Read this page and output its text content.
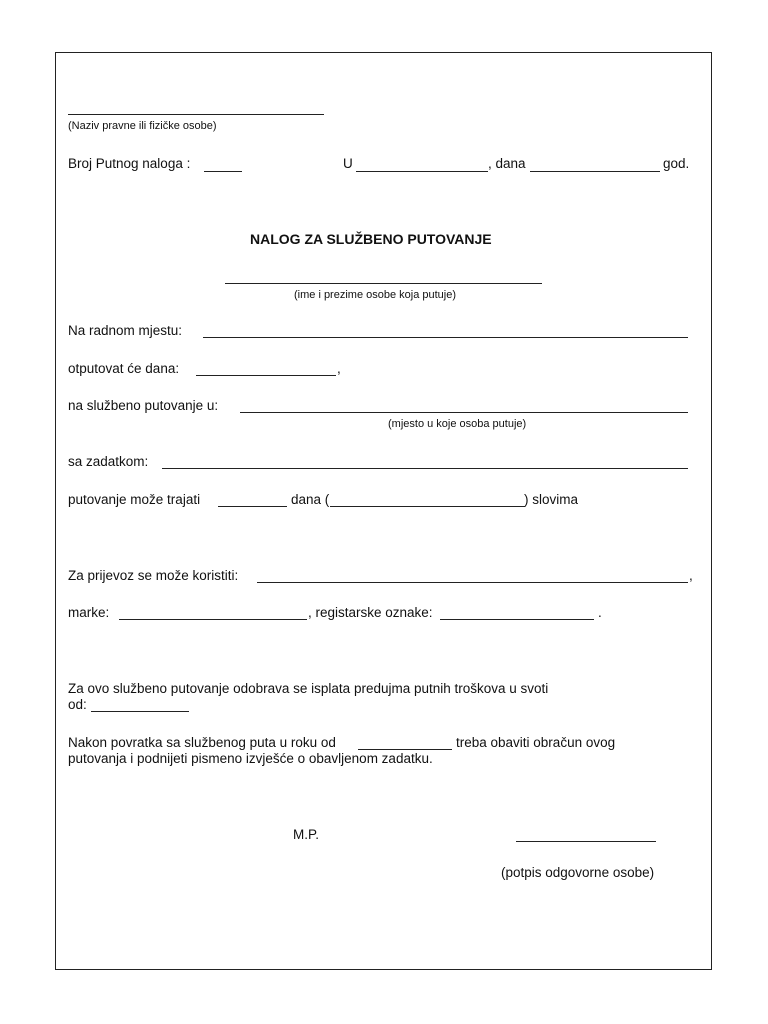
(Naziv pravne ili fizičke osobe)
Broj Putnog naloga :	U	, dana	god.
NALOG ZA SLUŽBENO PUTOVANJE
(ime i prezime osobe koja putuje)
Na radnom mjestu:
otputovat će dana:	,
na službeno putovanje u:
(mjesto u koje osoba putuje)
sa zadatkom:
putovanje može trajati	dana (	) slovima
Za prijevoz se može koristiti:	,
marke:	, registarske oznake:	.
Za ovo službeno putovanje odobrava se isplata predujma putnih troškova u svoti
od:
Nakon povratka sa službenog puta u roku od	treba obaviti obračun ovog
putovanja i podnijeti pismeno izvješće o obavljenom zadatku.
M.P.
(potpis odgovorne osobe)
